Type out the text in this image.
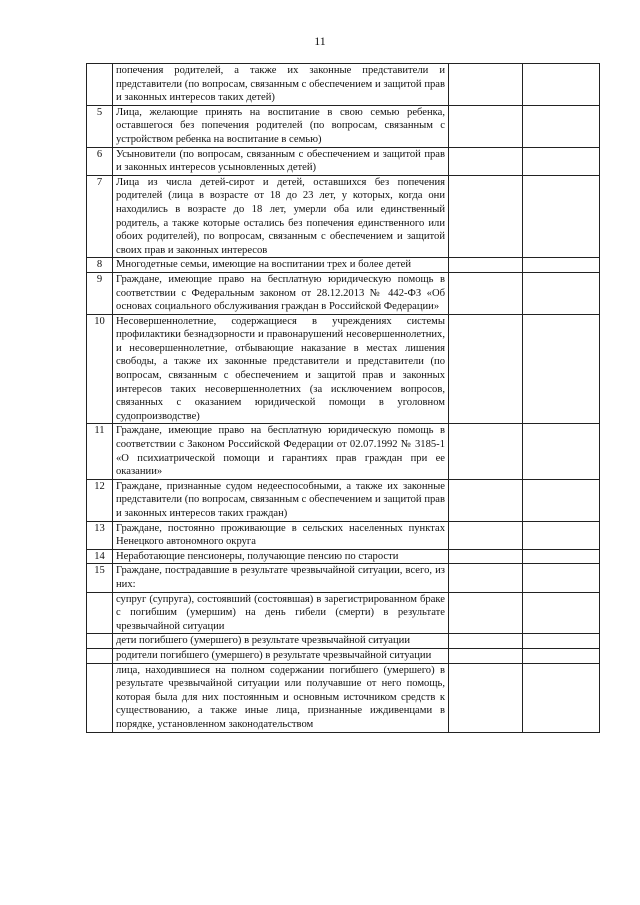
11
	попечения родителей, а также их законные представители и представители (по вопросам, связанным с обеспечением и защитой прав и законных интересов таких детей)		
5	Лица, желающие принять на воспитание в свою семью ребенка, оставшегося без попечения родителей (по вопросам, связанным с устройством ребенка на воспитание в семью)		
6	Усыновители (по вопросам, связанным с обеспечением и защитой прав и законных интересов усыновленных детей)		
7	Лица из числа детей-сирот и детей, оставшихся без попечения родителей (лица в возрасте от 18 до 23 лет, у которых, когда они находились в возрасте до 18 лет, умерли оба или единственный родитель, а также которые остались без попечения единственного или обоих родителей), по вопросам, связанным с обеспечением и защитой своих прав и законных интересов		
8	Многодетные семьи, имеющие на воспитании трех и более детей		
9	Граждане, имеющие право на бесплатную юридическую помощь в соответствии с Федеральным законом от 28.12.2013 № 442-ФЗ «Об основах социального обслуживания граждан в Российской Федерации»		
10	Несовершеннолетние, содержащиеся в учреждениях системы профилактики безнадзорности и правонарушений несовершеннолетних, и несовершеннолетние, отбывающие наказание в местах лишения свободы, а также их законные представители и представители (по вопросам, связанным с обеспечением и защитой прав и законных интересов таких несовершеннолетних (за исключением вопросов, связанных с оказанием юридической помощи в уголовном судопроизводстве)		
11	Граждане, имеющие право на бесплатную юридическую помощь в соответствии с Законом Российской Федерации от 02.07.1992 № 3185-1 «О психиатрической помощи и гарантиях прав граждан при ее оказании»		
12	Граждане, признанные судом недееспособными, а также их законные представители (по вопросам, связанным с обеспечением и защитой прав и законных интересов таких граждан)		
13	Граждане, постоянно проживающие в сельских населенных пунктах Ненецкого автономного округа		
14	Неработающие пенсионеры, получающие пенсию по старости		
15	Граждане, пострадавшие в результате чрезвычайной ситуации, всего, из них:		
	супруг (супруга), состоявший (состоявшая) в зарегистрированном браке с погибшим (умершим) на день гибели (смерти) в результате чрезвычайной ситуации		
	дети погибшего (умершего) в результате чрезвычайной ситуации		
	родители погибшего (умершего) в результате чрезвычайной ситуации		
	лица, находившиеся на полном содержании погибшего (умершего) в результате чрезвычайной ситуации или получавшие от него помощь, которая была для них постоянным и основным источником средств к существованию, а также иные лица, признанные иждивенцами в порядке, установленном законодательством		
